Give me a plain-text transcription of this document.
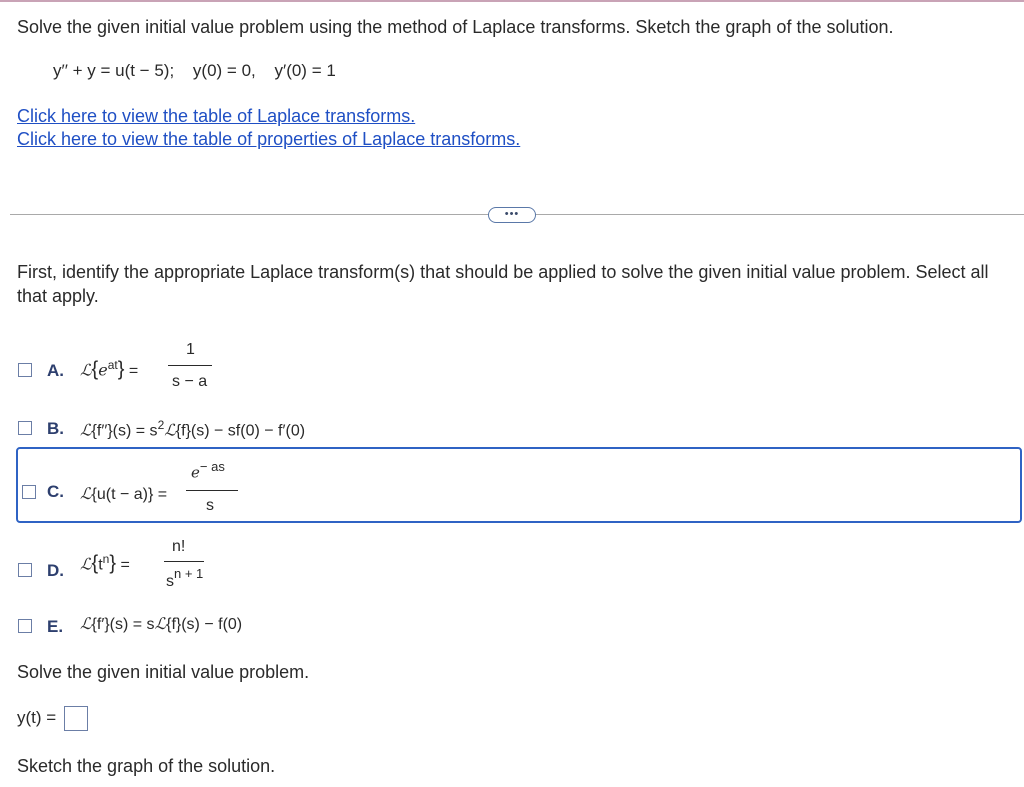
Solve the given initial value problem using the method of Laplace transforms. Sketch the graph of the solution.
y′′ + y = u(t − 5); y(0) = 0, y′(0) = 1
Click here to view the table of Laplace transforms.
Click here to view the table of properties of Laplace transforms.
•••
First, identify the appropriate Laplace transform(s) that should be applied to solve the given initial value problem. Select all that apply.
A. $ℒ\{e^{at}\}$ =
1
s − a
B. ℒ{f′′}(s) = $s^2ℒ\{f\}(s) - sf(0) - f'(0)$
C. ℒ{u(t − a)} =
$e^{- as}$
s
D. $ℒ\{t^n\}$ =
n!
sn + 1
E. ℒ{f′}(s) = sℒ{f}(s) − f(0)
Solve the given initial value problem.
y(t) =
Sketch the graph of the solution.
